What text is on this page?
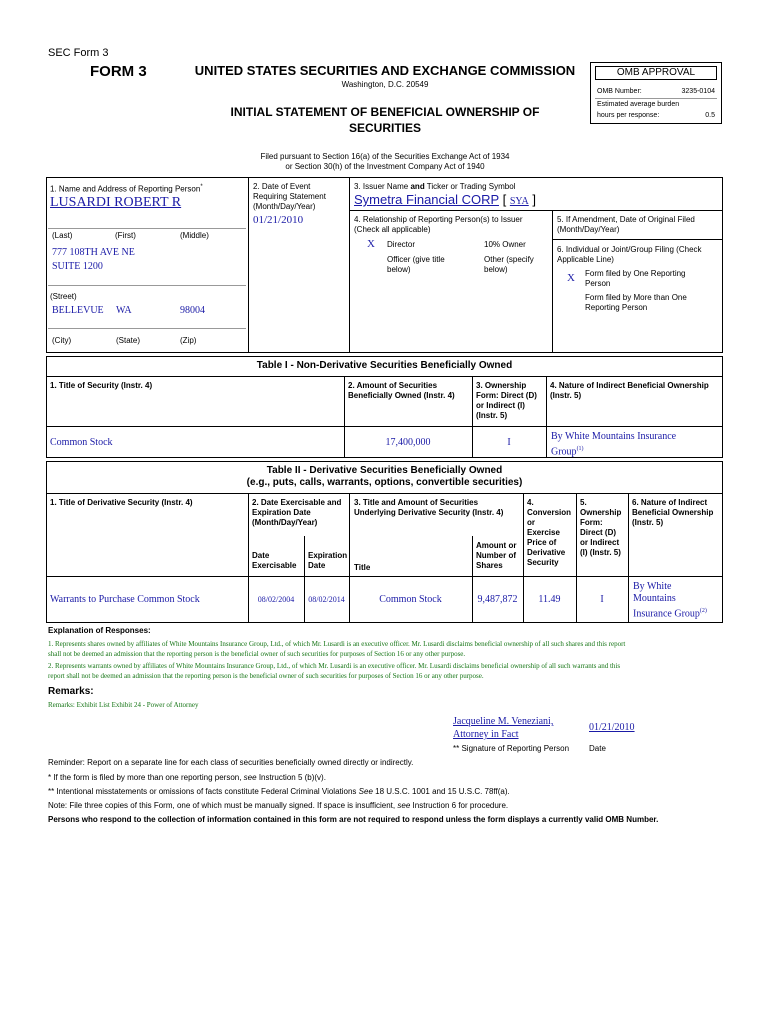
SEC Form 3
FORM 3	UNITED STATES SECURITIES AND EXCHANGE COMMISSION
Washington, D.C. 20549
INITIAL STATEMENT OF BENEFICIAL OWNERSHIP OF
SECURITIES
OMB APPROVAL
OMB Number:	3235-0104
Estimated average burden
hours per response:	0.5
Filed pursuant to Section 16(a) of the Securities Exchange Act of 1934
or Section 30(h) of the Investment Company Act of 1940
1. Name and Address of Reporting Person*
LUSARDI ROBERT R
(Last)	(First)	(Middle)
777 108TH AVE NE
SUITE 1200
(Street)
BELLEVUE WA	98004
(City)	(State)	(Zip)
2. Date of Event
Requiring Statement
(Month/Day/Year)
01/21/2010
3. Issuer Name and Ticker or Trading Symbol
Symetra Financial CORP [ SYA ]
4. Relationship of Reporting Person(s) to Issuer
(Check all applicable)
X Director	10% Owner
Officer (give title
below)
Other (specify
below)
5. If Amendment, Date of Original Filed
(Month/Day/Year)
6. Individual or Joint/Group Filing (Check
Applicable Line)
X Form filed by One Reporting
Person
Form filed by More than One
Reporting Person
Table I - Non-Derivative Securities Beneficially Owned
1. Title of Security (Instr. 4)	2. Amount of Securities
Beneficially Owned (Instr. 4)
3. Ownership
Form: Direct (D)
or Indirect (I)
(Instr. 5)
4. Nature of Indirect Beneficial Ownership
(Instr. 5)
Common Stock	17,400,000	I
By White Mountains Insurance
Group$^{(1)}$
Table II - Derivative Securities Beneficially Owned
(e.g., puts, calls, warrants, options, convertible securities)
1. Title of Derivative Security (Instr. 4)	2. Date Exercisable and
Expiration Date
(Month/Day/Year)
Date
Exercisable
Expiration
Date
3. Title and Amount of Securities
Underlying Derivative Security (Instr. 4)
Title
Amount or
Number of
Shares
4.
Conversion
or
Exercise
Price of
Derivative
Security
5.
Ownership
Form:
Direct (D)
or Indirect
(I) (Instr. 5)
6. Nature of Indirect
Beneficial Ownership
(Instr. 5)
Warrants to Purchase Common Stock	08/02/2004	08/02/2014	Common Stock	9,487,872	11.49	I
By White
Mountains
Insurance Group$^{(2)}$
Explanation of Responses:
1. Represents shares owned by affiliates of White Mountains Insurance Group, Ltd., of which Mr. Lusardi is an executive officer. Mr. Lusardi disclaims beneficial ownership of all such shares and this report
shall not be deemed an admission that the reporting person is the beneficial owner of such securities for purposes of Section 16 or any other purpose.
2. Represents warrants owned by affiliates of White Mountains Insurance Group, Ltd., of which Mr. Lusardi is an executive officer. Mr. Lusardi disclaims beneficial ownership of all such warrants and this
report shall not be deemed an admission that the reporting person is the beneficial owner of such securities for purposes of Section 16 or any other purpose.
Remarks:
Remarks: Exhibit List Exhibit 24 - Power of Attorney
Jacqueline M. Veneziani,
Attorney in Fact
01/21/2010
** Signature of Reporting Person Date
Reminder: Report on a separate line for each class of securities beneficially owned directly or indirectly.
* If the form is filed by more than one reporting person, see Instruction 5 (b)(v).
** Intentional misstatements or omissions of facts constitute Federal Criminal Violations See 18 U.S.C. 1001 and 15 U.S.C. 78ff(a).
Note: File three copies of this Form, one of which must be manually signed. If space is insufficient, see Instruction 6 for procedure.
Persons who respond to the collection of information contained in this form are not required to respond unless the form displays a currently valid OMB Number.
